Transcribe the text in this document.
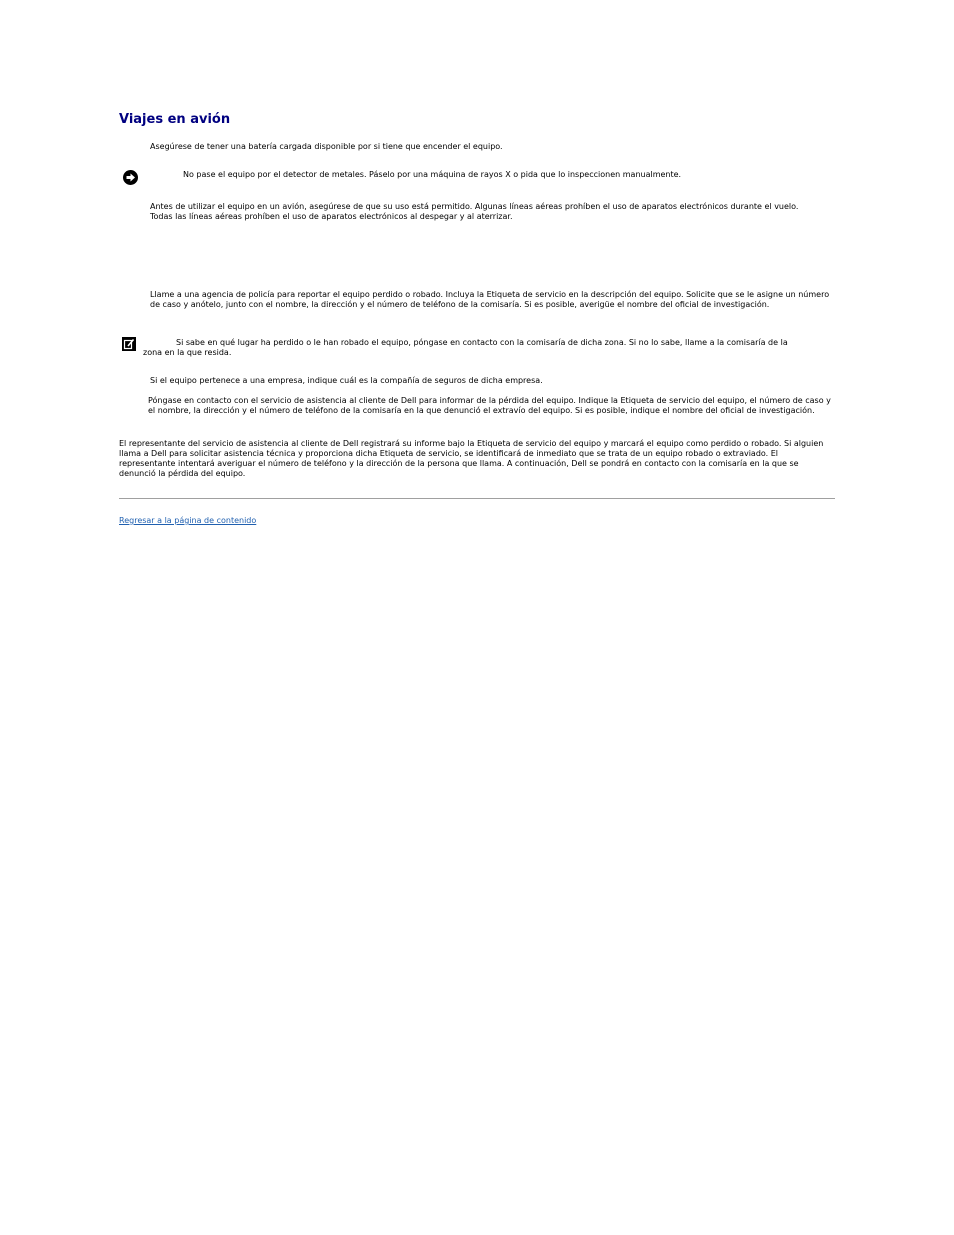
Viajes en avión

Asegúrese de tener una batería cargada disponible por si tiene que encender el equipo.

No pase el equipo por el detector de metales. Páselo por una máquina de rayos X o pida que lo inspeccionen manualmente.

Antes de utilizar el equipo en un avión, asegúrese de que su uso está permitido. Algunas líneas aéreas prohíben el uso de aparatos electrónicos durante el vuelo. Todas las líneas aéreas prohíben el uso de aparatos electrónicos al despegar y al aterrizar.

Llame a una agencia de policía para reportar el equipo perdido o robado. Incluya la Etiqueta de servicio en la descripción del equipo. Solicite que se le asigne un número de caso y anótelo, junto con el nombre, la dirección y el número de teléfono de la comisaría. Si es posible, averigüe el nombre del oficial de investigación.

Si sabe en qué lugar ha perdido o le han robado el equipo, póngase en contacto con la comisaría de dicha zona. Si no lo sabe, llame a la comisaría de la zona en la que resida.

Si el equipo pertenece a una empresa, indique cuál es la compañía de seguros de dicha empresa.

Póngase en contacto con el servicio de asistencia al cliente de Dell para informar de la pérdida del equipo. Indique la Etiqueta de servicio del equipo, el número de caso y el nombre, la dirección y el número de teléfono de la comisaría en la que denunció el extravío del equipo. Si es posible, indique el nombre del oficial de investigación.

El representante del servicio de asistencia al cliente de Dell registrará su informe bajo la Etiqueta de servicio del equipo y marcará el equipo como perdido o robado. Si alguien llama a Dell para solicitar asistencia técnica y proporciona dicha Etiqueta de servicio, se identificará de inmediato que se trata de un equipo robado o extraviado. El representante intentará averiguar el número de teléfono y la dirección de la persona que llama. A continuación, Dell se pondrá en contacto con la comisaría en la que se denunció la pérdida del equipo.

Regresar a la página de contenido
